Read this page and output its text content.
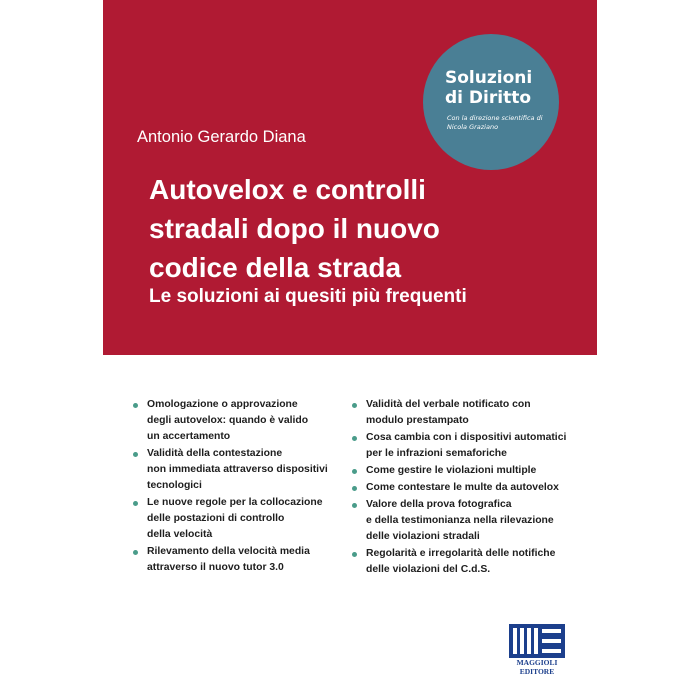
Soluzioni di Diritto
Con la direzione scientifica di Nicola Graziano
Antonio Gerardo Diana
Autovelox e controlli stradali dopo il nuovo codice della strada
Le soluzioni ai quesiti più frequenti
Omologazione o approvazione
degli autovelox: quando è valido
un accertamento
Validità della contestazione
non immediata attraverso dispositivi
tecnologici
Le nuove regole per la collocazione
delle postazioni di controllo
della velocità
Rilevamento della velocità media
attraverso il nuovo tutor 3.0
Validità del verbale notificato con
modulo prestampato
Cosa cambia con i dispositivi automatici
per le infrazioni semaforiche
Come gestire le violazioni multiple
Come contestare le multe da autovelox
Valore della prova fotografica
e della testimonianza nella rilevazione
delle violazioni stradali
Regolarità e irregolarità delle notifiche
delle violazioni del C.d.S.
MAGGIOLI
EDITORE
